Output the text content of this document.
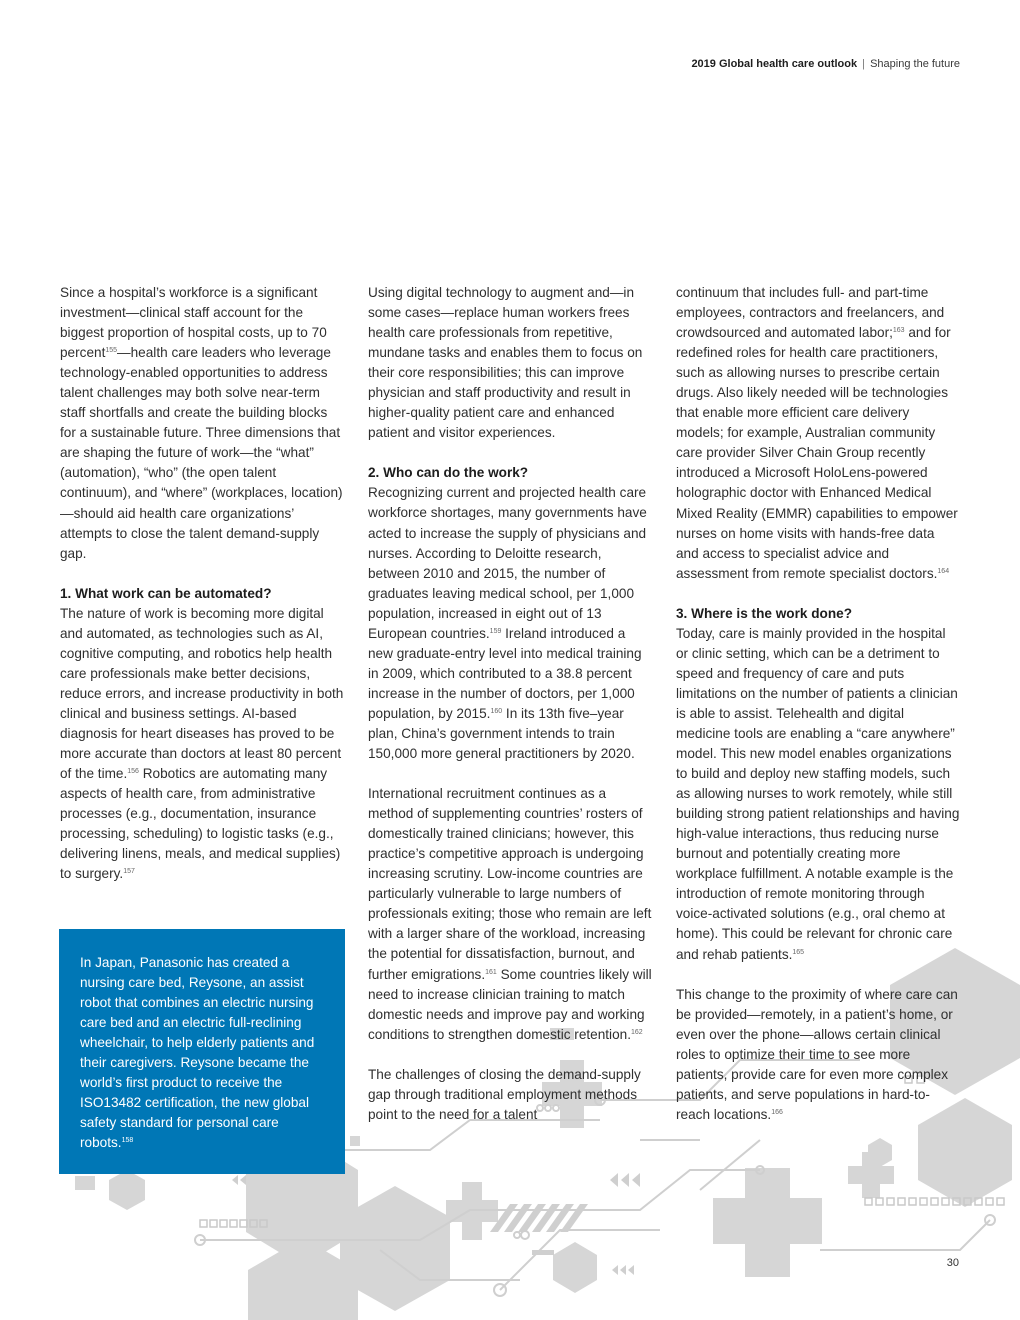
2019 Global health care outlook | Shaping the future

Since a hospital’s workforce is a significant investment—clinical staff account for the biggest proportion of hospital costs, up to 70 percent$^{155}$—health care leaders who leverage technology-enabled opportunities to address talent challenges may both solve near-term staff shortfalls and create the building blocks for a sustainable future. Three dimensions that are shaping the future of work—the “what” (automation), “who” (the open talent continuum), and “where” (workplaces, location)—should aid health care organizations’ attempts to close the talent demand-supply gap.

1. What work can be automated?

The nature of work is becoming more digital and automated, as technologies such as AI, cognitive computing, and robotics help health care professionals make better decisions, reduce errors, and increase productivity in both clinical and business settings. AI-based diagnosis for heart diseases has proved to be more accurate than doctors at least 80 percent of the time.$^{156}$ Robotics are automating many aspects of health care, from administrative processes (e.g., documentation, insurance processing, scheduling) to logistic tasks (e.g., delivering linens, meals, and medical supplies) to surgery.$^{157}$

In Japan, Panasonic has created a nursing care bed, Reysone, an assist robot that combines an electric nursing care bed and an electric full-reclining wheelchair, to help elderly patients and their caregivers. Reysone became the world’s first product to receive the ISO13482 certification, the new global safety standard for personal care robots.$^{158}$

Using digital technology to augment and—in some cases—replace human workers frees health care professionals from repetitive, mundane tasks and enables them to focus on their core responsibilities; this can improve physician and staff productivity and result in higher-quality patient care and enhanced patient and visitor experiences.

2. Who can do the work?

Recognizing current and projected health care workforce shortages, many governments have acted to increase the supply of physicians and nurses. According to Deloitte research, between 2010 and 2015, the number of graduates leaving medical school, per 1,000 population, increased in eight out of 13 European countries.$^{159}$ Ireland introduced a new graduate-entry level into medical training in 2009, which contributed to a 38.8 percent increase in the number of doctors, per 1,000 population, by 2015.$^{160}$ In its 13th five–year plan, China’s government intends to train 150,000 more general practitioners by 2020.

International recruitment continues as a method of supplementing countries’ rosters of domestically trained clinicians; however, this practice’s competitive approach is undergoing increasing scrutiny. Low-income countries are particularly vulnerable to large numbers of professionals exiting; those who remain are left with a larger share of the workload, increasing the potential for dissatisfaction, burnout, and further emigrations.$^{161}$ Some countries likely will need to increase clinician training to match domestic needs and improve pay and working conditions to strengthen domestic retention.$^{162}$

The challenges of closing the demand-supply gap through traditional employment methods point to the need for a talent

continuum that includes full- and part-time employees, contractors and freelancers, and crowdsourced and automated labor;$^{163}$ and for redefined roles for health care practitioners, such as allowing nurses to prescribe certain drugs. Also likely needed will be technologies that enable more efficient care delivery models; for example, Australian community care provider Silver Chain Group recently introduced a Microsoft HoloLens-powered holographic doctor with Enhanced Medical Mixed Reality (EMMR) capabilities to empower nurses on home visits with hands-free data and access to specialist advice and assessment from remote specialist doctors.$^{164}$

3. Where is the work done?

Today, care is mainly provided in the hospital or clinic setting, which can be a detriment to speed and frequency of care and puts limitations on the number of patients a clinician is able to assist. Telehealth and digital medicine tools are enabling a “care anywhere” model. This new model enables organizations to build and deploy new staffing models, such as allowing nurses to work remotely, while still building strong patient relationships and having high-value interactions, thus reducing nurse burnout and potentially creating more workplace fulfillment. A notable example is the introduction of remote monitoring through voice-activated solutions (e.g., oral chemo at home). This could be relevant for chronic care and rehab patients.$^{165}$

This change to the proximity of where care can be provided—remotely, in a patient’s home, or even over the phone—allows certain clinical roles to optimize their time to see more patients, provide care for even more complex patients, and serve populations in hard-to-reach locations.$^{166}$

30
